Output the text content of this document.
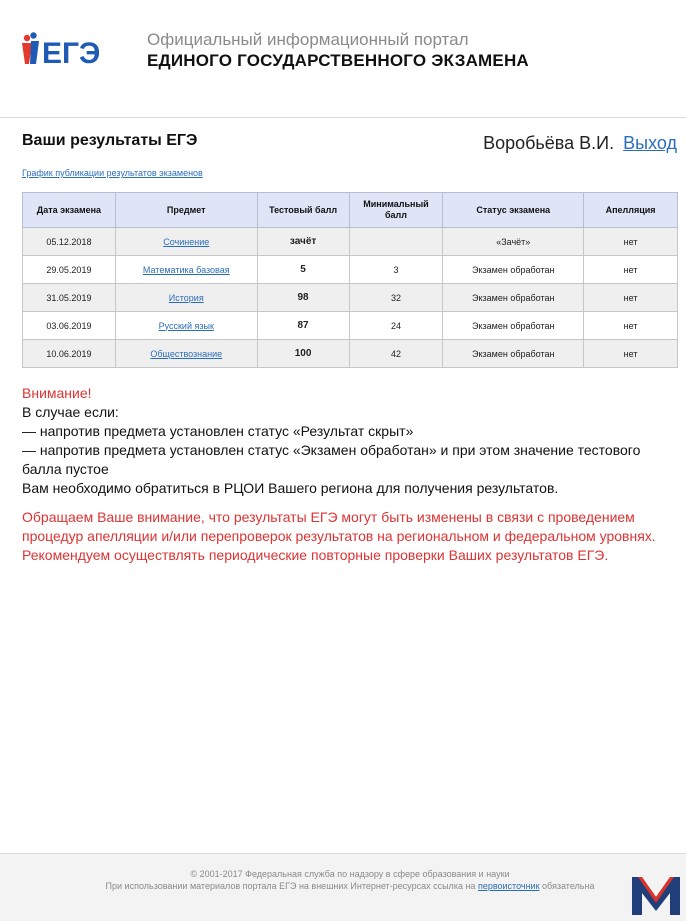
ЕГЭ	Официальный информационный портал
ЕДИНОГО ГОСУДАРСТВЕННОГО ЭКЗАМЕНА
Ваши результаты ЕГЭ	Воробьёва В.И. Выход
График публикации результатов экзаменов
Дата экзамена	Предмет	Тестовый балл	Минимальный балл	Статус экзамена	Апелляция
05.12.2018	Сочинение	зачёт		«Зачёт»	нет
29.05.2019	Математика базовая	5	3	Экзамен обработан	нет
31.05.2019	История	98	32	Экзамен обработан	нет
03.06.2019	Русский язык	87	24	Экзамен обработан	нет
10.06.2019	Обществознание	100	42	Экзамен обработан	нет

Внимание!

В случае если:

— напротив предмета установлен статус «Результат скрыт»

— напротив предмета установлен статус «Экзамен обработан» и при этом значение тестового балла пустое

Вам необходимо обратиться в РЦОИ Вашего региона для получения результатов.

Обращаем Ваше внимание, что результаты ЕГЭ могут быть изменены в связи с проведением процедур апелляции и/или перепроверок результатов на региональном и федеральном уровнях. Рекомендуем осуществлять периодические повторные проверки Ваших результатов ЕГЭ.
© 2001-2017 Федеральная служба по надзору в сфере образования и науки
При использовании материалов портала ЕГЭ на внешних Интернет-ресурсах ссылка на первоисточник обязательна
